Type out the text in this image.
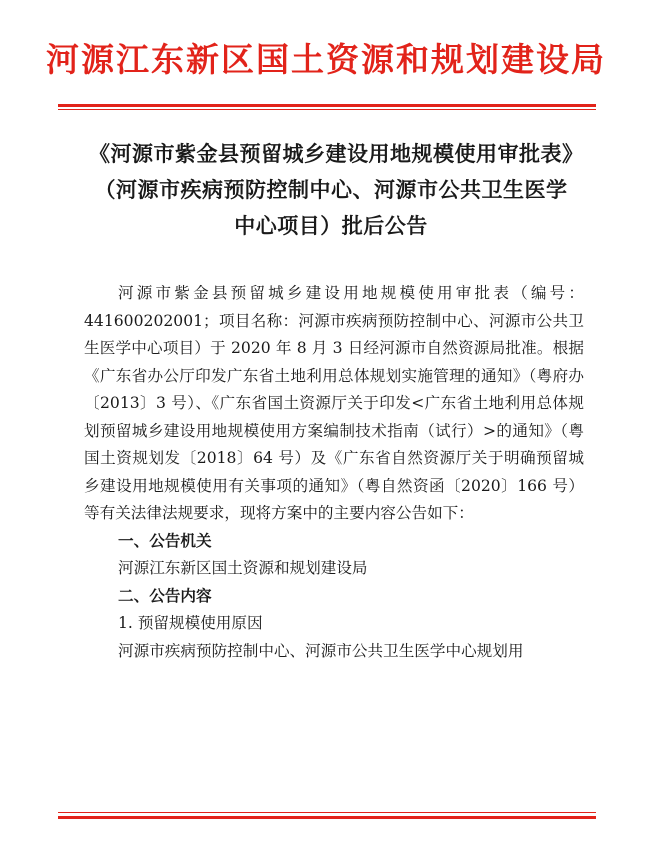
河源江东新区国土资源和规划建设局
《河源市紫金县预留城乡建设用地规模使用审批表》（河源市疾病预防控制中心、河源市公共卫生医学中心项目）批后公告

河源市紫金县预留城乡建设用地规模使用审批表（编号：441600202001；项目名称：河源市疾病预防控制中心、河源市公共卫生医学中心项目）于 2020 年 8 月 3 日经河源市自然资源局批准。根据《广东省办公厅印发广东省土地利用总体规划实施管理的通知》（粤府办〔2013〕3 号）、《广东省国土资源厅关于印发<广东省土地利用总体规划预留城乡建设用地规模使用方案编制技术指南（试行）>的通知》（粤国土资规划发〔2018〕64 号）及《广东省自然资源厅关于明确预留城乡建设用地规模使用有关事项的通知》（粤自然资函〔2020〕166 号）等有关法律法规要求，现将方案中的主要内容公告如下：

一、公告机关

河源江东新区国土资源和规划建设局

二、公告内容

1. 预留规模使用原因

河源市疾病预防控制中心、河源市公共卫生医学中心规划用
